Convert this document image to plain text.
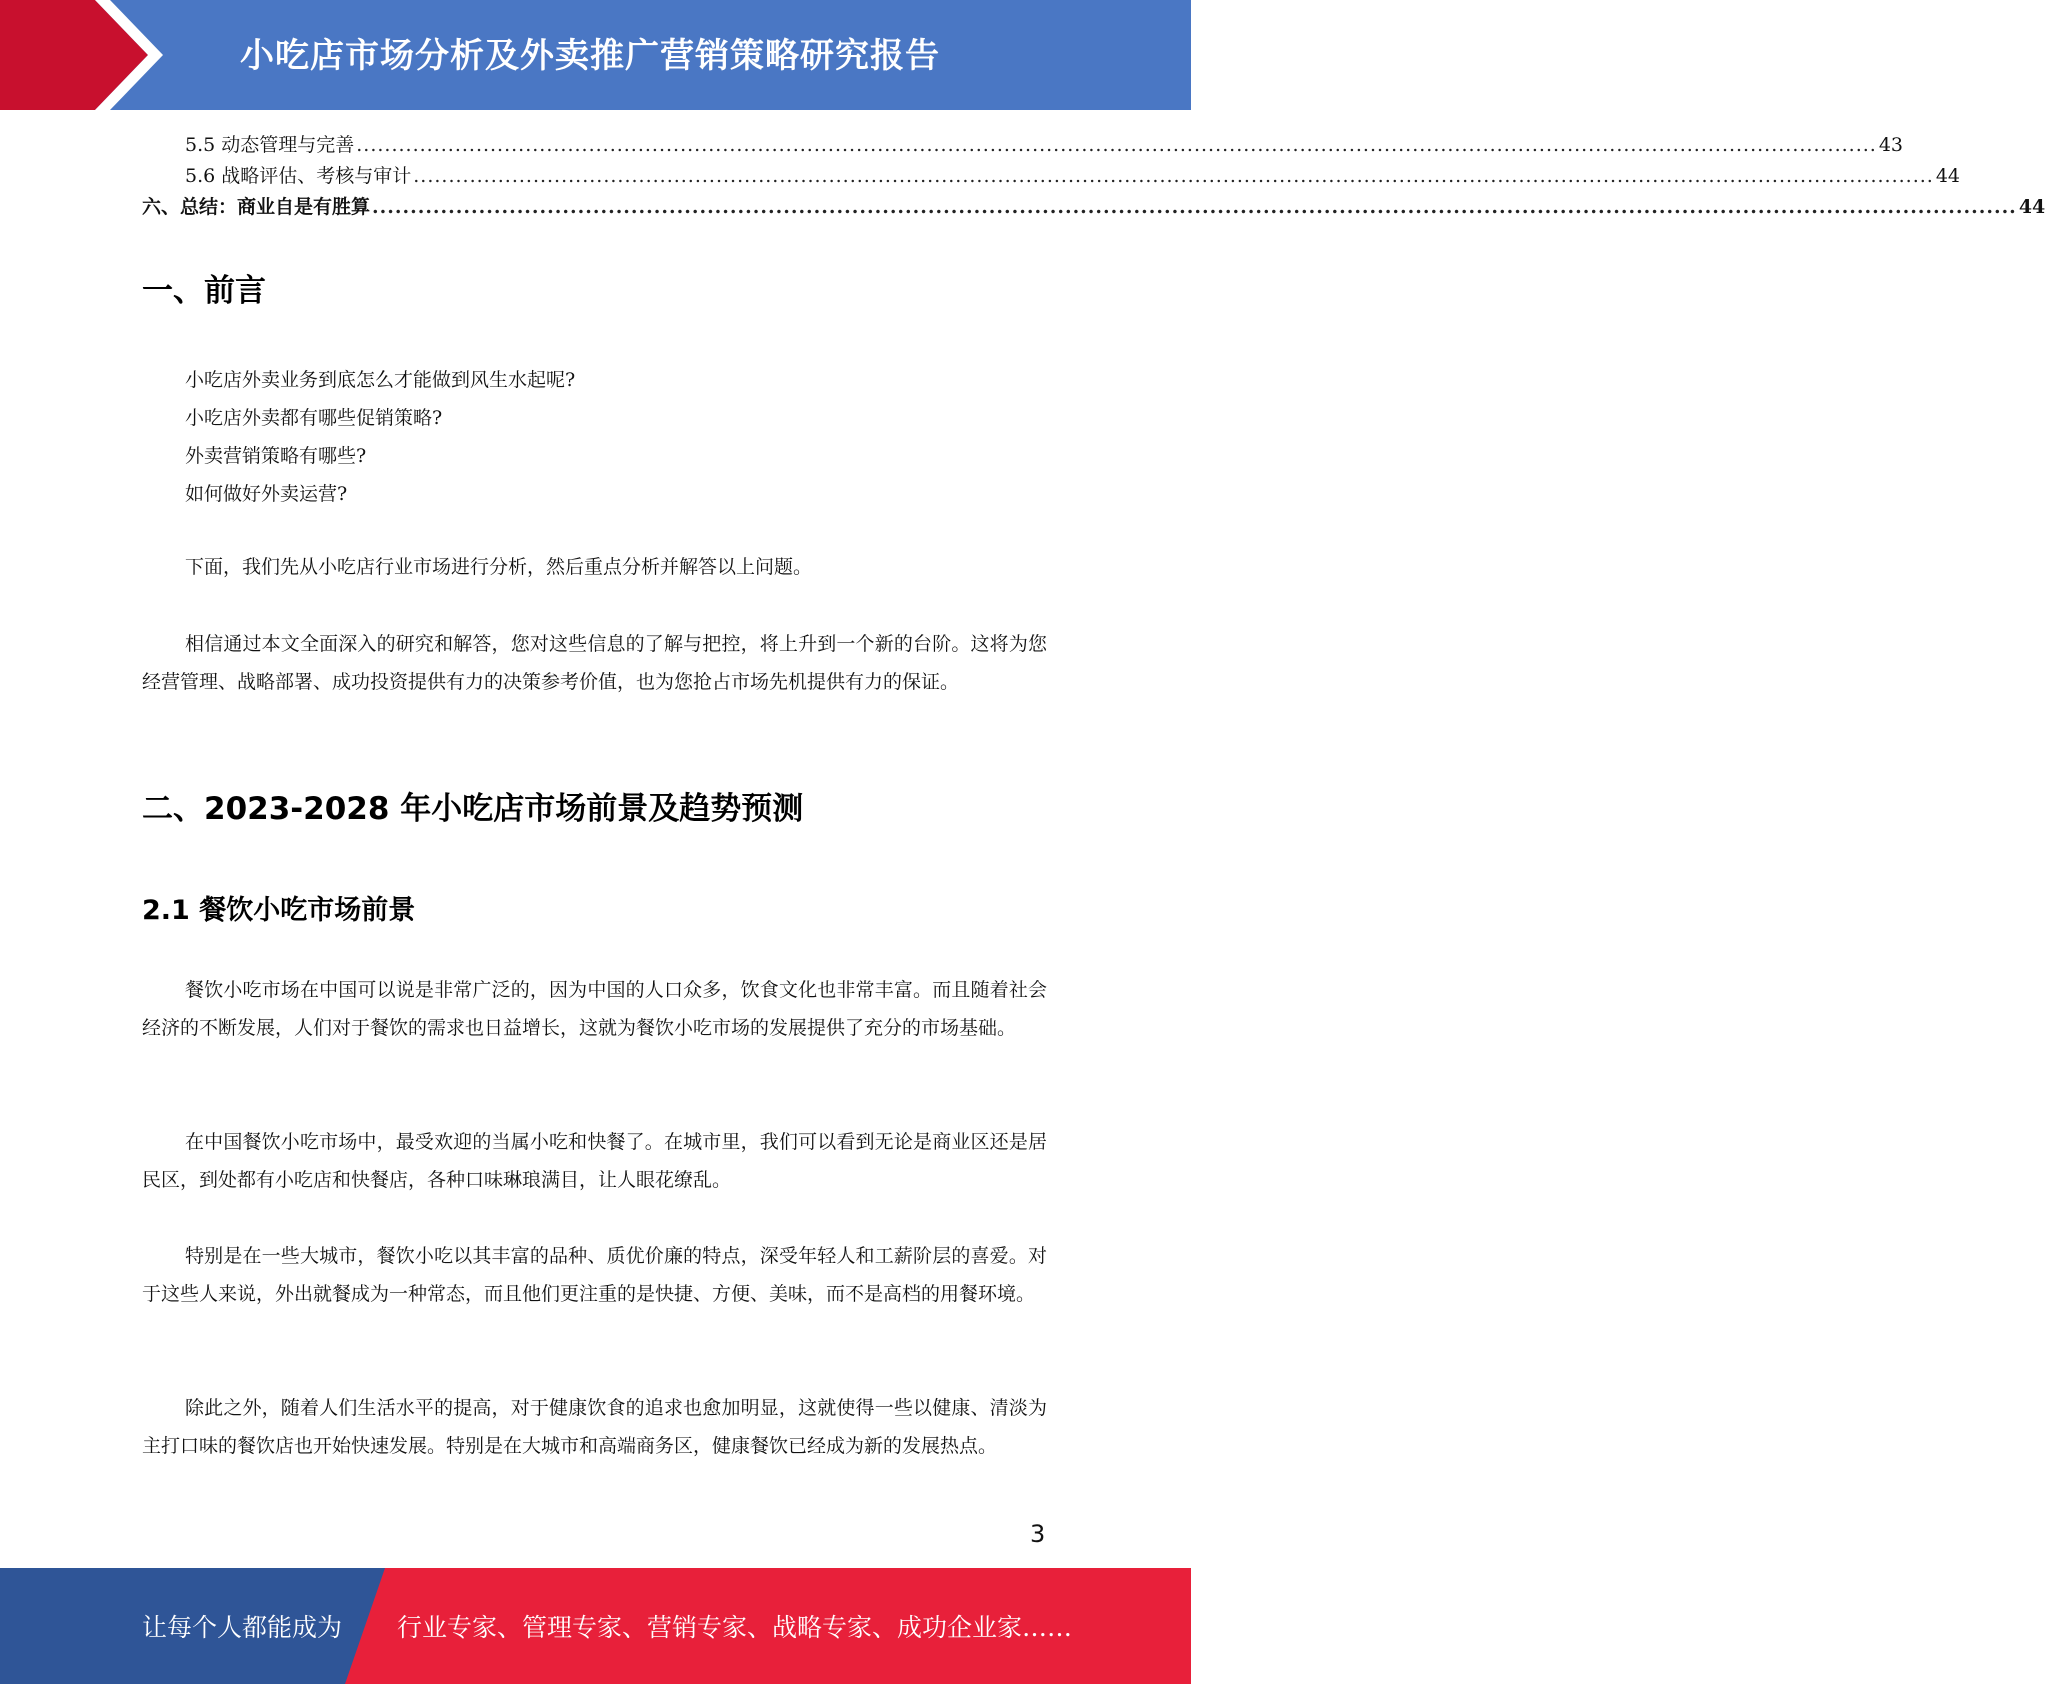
小吃店市场分析及外卖推广营销策略研究报告
5.5 动态管理与完善 ........................................................................................................................................................................................................................ 43
5.6 战略评估、考核与审计 ........................................................................................................................................................................................................................ 44
六、总结：商业自是有胜算 ........................................................................................................................................................................................................................ 44
一、前言
小吃店外卖业务到底怎么才能做到风生水起呢?
小吃店外卖都有哪些促销策略?
外卖营销策略有哪些?
如何做好外卖运营?
下面，我们先从小吃店行业市场进行分析，然后重点分析并解答以上问题。
相信通过本文全面深入的研究和解答，您对这些信息的了解与把控，将上升到一个新的台阶。这将为您经营管理、战略部署、成功投资提供有力的决策参考价值，也为您抢占市场先机提供有力的保证。
二、2023-2028 年小吃店市场前景及趋势预测
2.1 餐饮小吃市场前景
餐饮小吃市场在中国可以说是非常广泛的，因为中国的人口众多，饮食文化也非常丰富。而且随着社会经济的不断发展，人们对于餐饮的需求也日益增长，这就为餐饮小吃市场的发展提供了充分的市场基础。
在中国餐饮小吃市场中，最受欢迎的当属小吃和快餐了。在城市里，我们可以看到无论是商业区还是居民区，到处都有小吃店和快餐店，各种口味琳琅满目，让人眼花缭乱。
特别是在一些大城市，餐饮小吃以其丰富的品种、质优价廉的特点，深受年轻人和工薪阶层的喜爱。对于这些人来说，外出就餐成为一种常态，而且他们更注重的是快捷、方便、美味，而不是高档的用餐环境。
除此之外，随着人们生活水平的提高，对于健康饮食的追求也愈加明显，这就使得一些以健康、清淡为主打口味的餐饮店也开始快速发展。特别是在大城市和高端商务区，健康餐饮已经成为新的发展热点。
3
让每个人都能成为 行业专家、管理专家、营销专家、战略专家、成功企业家……
